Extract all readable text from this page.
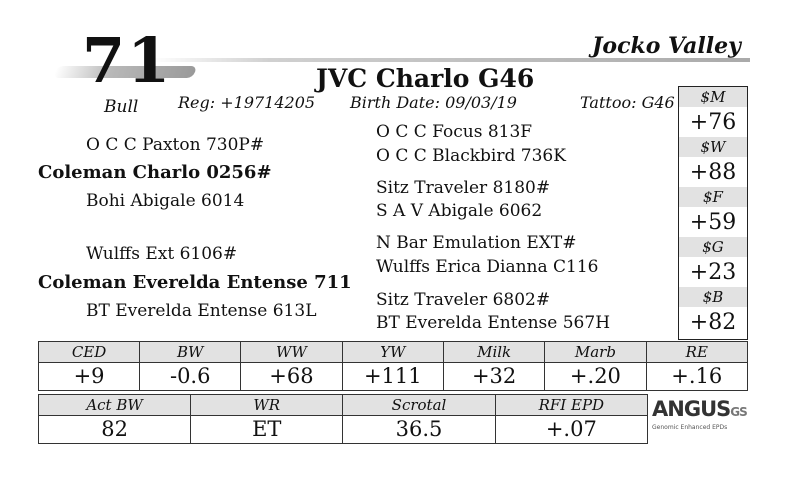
71
Bull
Jocko Valley
JVC Charlo G46
Reg: +19714205 Birth Date: 09/03/19	Tattoo: G46
O C C Paxton 730P#
Coleman Charlo 0256#
Bohi Abigale 6014
Wulffs Ext 6106#
Coleman Everelda Entense 711
BT Everelda Entense 613L
O C C Focus 813F
O C C Blackbird 736K
Sitz Traveler 8180#
S A V Abigale 6062
N Bar Emulation EXT#
Wulffs Erica Dianna C116
Sitz Traveler 6802#
BT Everelda Entense 567H
$M
+76
$W
+88
$F
+59
$G
+23
$B
+82
CED	BW	WW	YW	Milk	Marb	RE
+9	-0.6	+68	+111	+32	+.20	+.16
Act BW	WR	Scrotal	RFI EPD
82	ET	36.5	+.07
ANGUSGS
Genomic Enhanced EPDs
